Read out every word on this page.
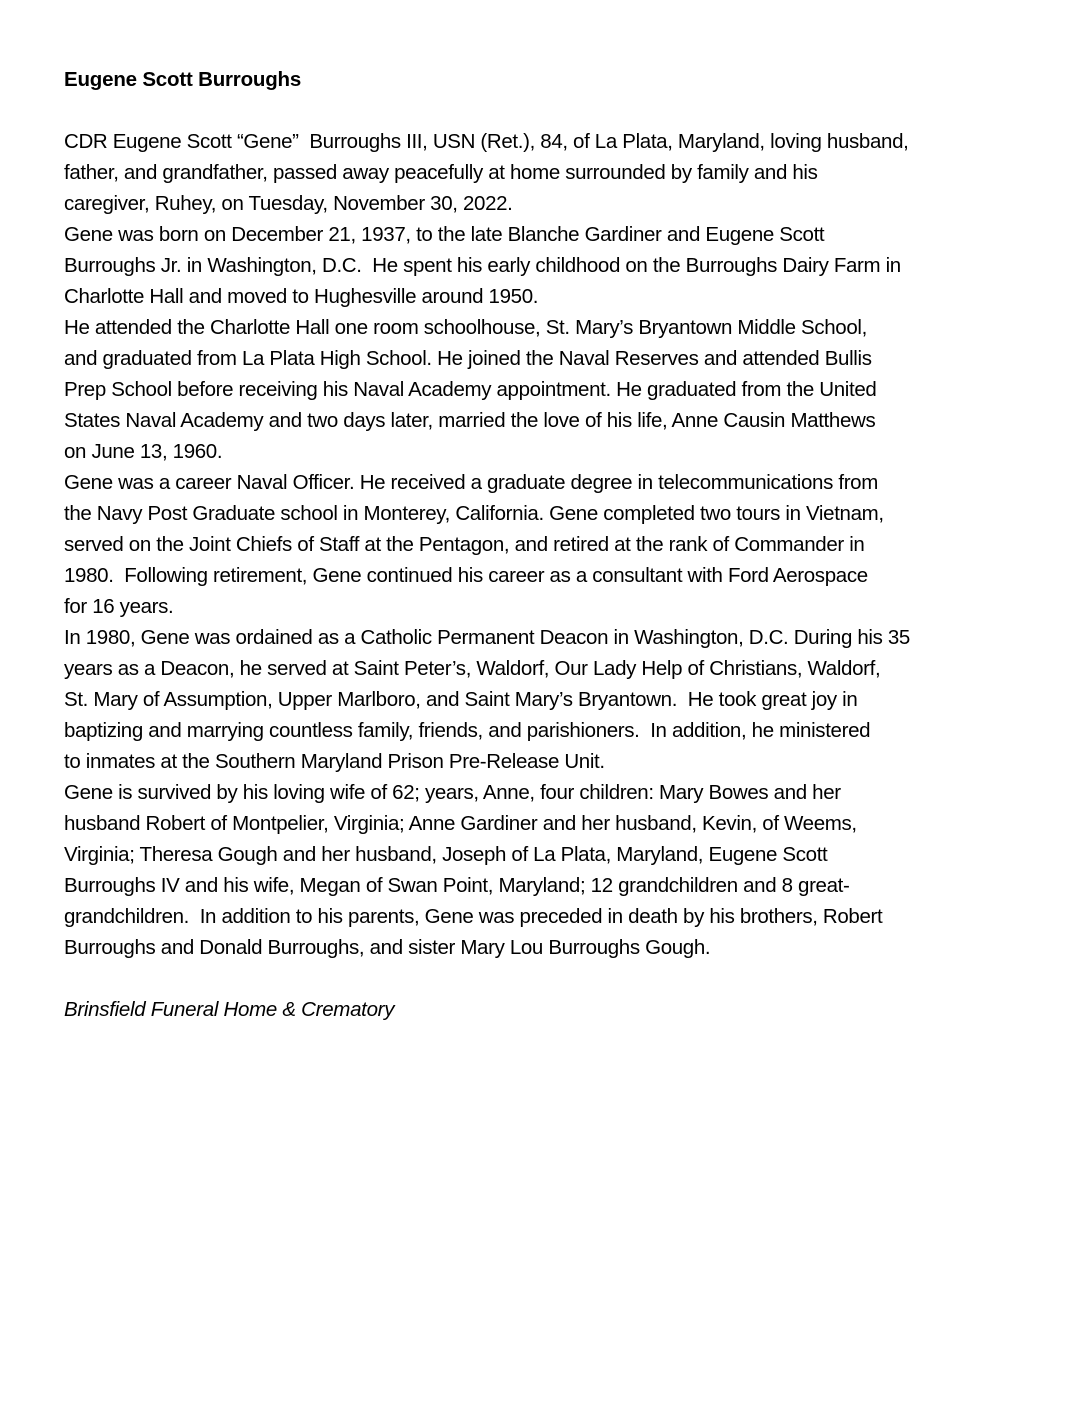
Eugene Scott Burroughs
CDR Eugene Scott “Gene”  Burroughs III, USN (Ret.), 84, of La Plata, Maryland, loving husband,
father, and grandfather, passed away peacefully at home surrounded by family and his
caregiver, Ruhey, on Tuesday, November 30, 2022.
Gene was born on December 21, 1937, to the late Blanche Gardiner and Eugene Scott
Burroughs Jr. in Washington, D.C.  He spent his early childhood on the Burroughs Dairy Farm in
Charlotte Hall and moved to Hughesville around 1950.
He attended the Charlotte Hall one room schoolhouse, St. Mary’s Bryantown Middle School,
and graduated from La Plata High School. He joined the Naval Reserves and attended Bullis
Prep School before receiving his Naval Academy appointment. He graduated from the United
States Naval Academy and two days later, married the love of his life, Anne Causin Matthews
on June 13, 1960.
Gene was a career Naval Officer. He received a graduate degree in telecommunications from
the Navy Post Graduate school in Monterey, California. Gene completed two tours in Vietnam,
served on the Joint Chiefs of Staff at the Pentagon, and retired at the rank of Commander in
1980.  Following retirement, Gene continued his career as a consultant with Ford Aerospace
for 16 years.
In 1980, Gene was ordained as a Catholic Permanent Deacon in Washington, D.C. During his 35
years as a Deacon, he served at Saint Peter’s, Waldorf, Our Lady Help of Christians, Waldorf,
St. Mary of Assumption, Upper Marlboro, and Saint Mary’s Bryantown.  He took great joy in
baptizing and marrying countless family, friends, and parishioners.  In addition, he ministered
to inmates at the Southern Maryland Prison Pre-Release Unit.
Gene is survived by his loving wife of 62; years, Anne, four children: Mary Bowes and her
husband Robert of Montpelier, Virginia; Anne Gardiner and her husband, Kevin, of Weems,
Virginia; Theresa Gough and her husband, Joseph of La Plata, Maryland, Eugene Scott
Burroughs IV and his wife, Megan of Swan Point, Maryland; 12 grandchildren and 8 great-
grandchildren.  In addition to his parents, Gene was preceded in death by his brothers, Robert
Burroughs and Donald Burroughs, and sister Mary Lou Burroughs Gough.
Brinsfield Funeral Home & Crematory
